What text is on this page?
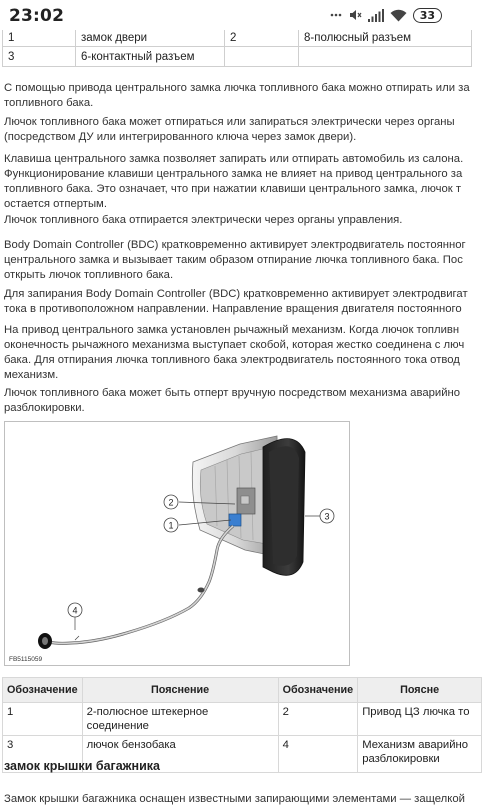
23:02	33
1	замок двери	2	8-полюсный разъем
3	6-контактный разъем		

С помощью привода центрального замка лючка топливного бака можно отпирать или за
топливного бака.

Лючок топливного бака может отпираться или запираться электрически через органы
(посредством ДУ или интегрированного ключа через замок двери).

Клавиша центрального замка позволяет запирать или отпирать автомобиль из салона.
Функционирование клавиши центрального замка не влияет на привод центрального за
топливного бака. Это означает, что при нажатии клавиши центрального замка, лючок т
остается отпертым.

Лючок топливного бака отпирается электрически через органы управления.

Body Domain Controller (BDC) кратковременно активирует электродвигатель постоянног
центрального замка и вызывает таким образом отпирание лючка топливного бака. Пос
открыть лючок топливного бака.

Для запирания Body Domain Controller (BDC) кратковременно активирует электродвигат
тока в противоположном направлении. Направление вращения двигателя постоянного

На привод центрального замка установлен рычажный механизм. Когда лючок топливн
оконечность рычажного механизма выступает скобой, которая жестко соединена с люч
бака. Для отпирания лючка топливного бака электродвигатель постоянного тока отвод
механизм.

Лючок топливного бака может быть отперт вручную посредством механизма аварийно
разблокировки.

2
1
3
4
FB5115059
Обозначение	Пояснение	Обозначение	Поясне
1	2-полюсное штекерное соединение	2	Привод ЦЗ лючка то
3	лючок бензобака	4	Механизм аварийно
разблокировки
замок крышки багажника

Замок крышки багажника оснащен известными запирающими элементами — защелкой
